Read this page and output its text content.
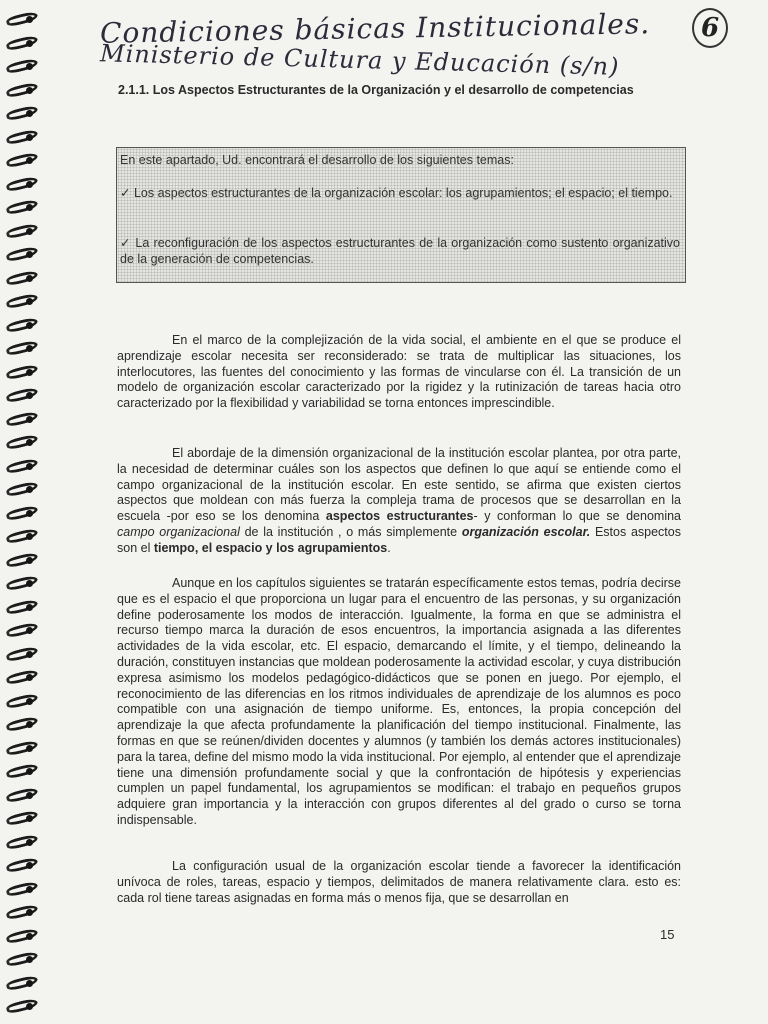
Condiciones básicas Institucionales.
Ministerio de Cultura y Educación (s/n)
6
2.1.1. Los Aspectos Estructurantes de la Organización y el desarrollo de competencias

En este apartado, Ud. encontrará el desarrollo de los siguientes temas:

✓ Los aspectos estructurantes de la organización escolar: los agrupamientos; el espacio; el tiempo.

✓ La reconfiguración de los aspectos estructurantes de la organización como sustento organizativo de la generación de competencias.

En el marco de la complejización de la vida social, el ambiente en el que se produce el aprendizaje escolar necesita ser reconsiderado: se trata de multiplicar las situaciones, los interlocutores, las fuentes del conocimiento y las formas de vincularse con él. La transición de un modelo de organización escolar caracterizado por la rigidez y la rutinización de tareas hacia otro caracterizado por la flexibilidad y variabilidad se torna entonces imprescindible.

El abordaje de la dimensión organizacional de la institución escolar plantea, por otra parte, la necesidad de determinar cuáles son los aspectos que definen lo que aquí se entiende como el campo organizacional de la institución escolar. En este sentido, se afirma que existen ciertos aspectos que moldean con más fuerza la compleja trama de procesos que se desarrollan en la escuela -por eso se los denomina aspectos estructurantes- y conforman lo que se denomina campo organizacional de la institución , o más simplemente organización escolar. Estos aspectos son el tiempo, el espacio y los agrupamientos.

Aunque en los capítulos siguientes se tratarán específicamente estos temas, podría decirse que es el espacio el que proporciona un lugar para el encuentro de las personas, y su organización define poderosamente los modos de interacción. Igualmente, la forma en que se administra el recurso tiempo marca la duración de esos encuentros, la importancia asignada a las diferentes actividades de la vida escolar, etc. El espacio, demarcando el límite, y el tiempo, delineando la duración, constituyen instancias que moldean poderosamente la actividad escolar, y cuya distribución expresa asimismo los modelos pedagógico-didácticos que se ponen en juego. Por ejemplo, el reconocimiento de las diferencias en los ritmos individuales de aprendizaje de los alumnos es poco compatible con una asignación de tiempo uniforme. Es, entonces, la propia concepción del aprendizaje la que afecta profundamente la planificación del tiempo institucional. Finalmente, las formas en que se reúnen/dividen docentes y alumnos (y también los demás actores institucionales) para la tarea, define del mismo modo la vida institucional. Por ejemplo, al entender que el aprendizaje tiene una dimensión profundamente social y que la confrontación de hipótesis y experiencias cumplen un papel fundamental, los agrupamientos se modifican: el trabajo en pequeños grupos adquiere gran importancia y la interacción con grupos diferentes al del grado o curso se torna indispensable.

La configuración usual de la organización escolar tiende a favorecer la identificación unívoca de roles, tareas, espacio y tiempos, delimitados de manera relativamente clara. esto es: cada rol tiene tareas asignadas en forma más o menos fija, que se desarrollan en

15
